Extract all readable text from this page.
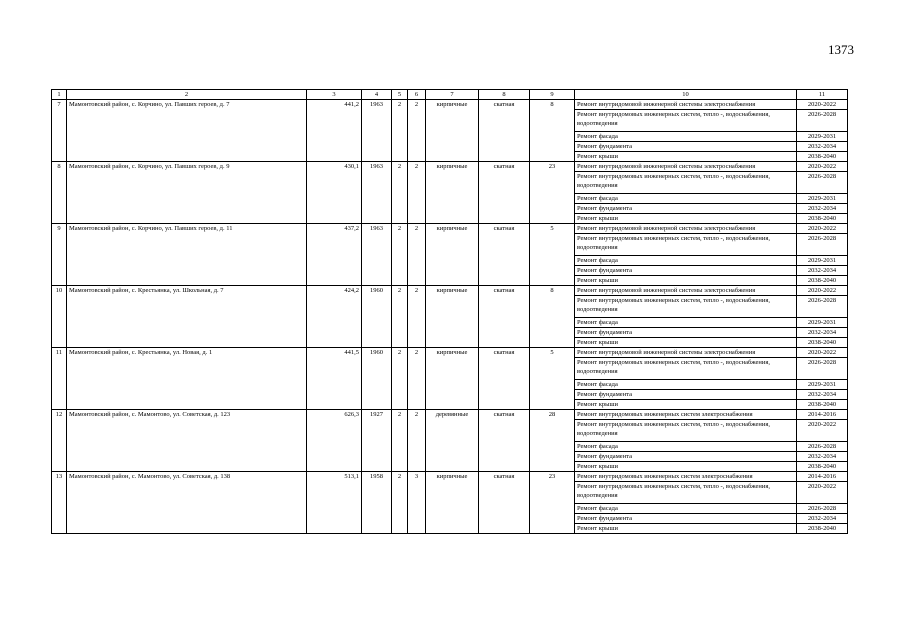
1373
1	2	3	4	5	6	7	8	9	10	11
7	Мамонтовский район, с. Корчино, ул. Павших героев, д. 7	441,2	1963	2	2	кирпичные	скатная	8	Ремонт внутридомовой инженерной системы электроснабжения	2020-2022
									Ремонт внутридомовых инженерных систем, тепло -, водоснабжения, водоотведения	2026-2028
									Ремонт фасада	2029-2031
									Ремонт фундамента	2032-2034
									Ремонт крыши	2038-2040
8	Мамонтовский район, с. Корчино, ул. Павших героев, д. 9	430,1	1963	2	2	кирпичные	скатная	23	Ремонт внутридомовой инженерной системы электроснабжения	2020-2022
									Ремонт внутридомовых инженерных систем, тепло -, водоснабжения, водоотведения	2026-2028
									Ремонт фасада	2029-2031
									Ремонт фундамента	2032-2034
									Ремонт крыши	2038-2040
9	Мамонтовский район, с. Корчино, ул. Павших героев, д. 11	437,2	1963	2	2	кирпичные	скатная	5	Ремонт внутридомовой инженерной системы электроснабжения	2020-2022
									Ремонт внутридомовых инженерных систем, тепло -, водоснабжения, водоотведения	2026-2028
									Ремонт фасада	2029-2031
									Ремонт фундамента	2032-2034
									Ремонт крыши	2038-2040
10	Мамонтовский район, с. Крестьянка, ул. Школьная, д. 7	424,2	1960	2	2	кирпичные	скатная	8	Ремонт внутридомовой инженерной системы электроснабжения	2020-2022
									Ремонт внутридомовых инженерных систем, тепло -, водоснабжения, водоотведения	2026-2028
									Ремонт фасада	2029-2031
									Ремонт фундамента	2032-2034
									Ремонт крыши	2038-2040
11	Мамонтовский район, с. Крестьянка, ул. Новая, д. 1	441,5	1960	2	2	кирпичные	скатная	5	Ремонт внутридомовой инженерной системы электроснабжения	2020-2022
									Ремонт внутридомовых инженерных систем, тепло -, водоснабжения, водоотведения	2026-2028
									Ремонт фасада	2029-2031
									Ремонт фундамента	2032-2034
									Ремонт крыши	2038-2040
12	Мамонтовский район, с. Мамонтово, ул. Советская, д. 123	626,3	1927	2	2	деревянные	скатная	28	Ремонт внутридомовых инженерных систем электроснабжения	2014-2016
									Ремонт внутридомовых инженерных систем, тепло -, водоснабжения, водоотведения	2020-2022
									Ремонт фасада	2026-2028
									Ремонт фундамента	2032-2034
									Ремонт крыши	2038-2040
13	Мамонтовский район, с. Мамонтово, ул. Советская, д. 138	513,1	1958	2	3	кирпичные	скатная	23	Ремонт внутридомовых инженерных систем электроснабжения	2014-2016
									Ремонт внутридомовых инженерных систем, тепло -, водоснабжения, водоотведения	2020-2022
									Ремонт фасада	2026-2028
									Ремонт фундамента	2032-2034
									Ремонт крыши	2038-2040
